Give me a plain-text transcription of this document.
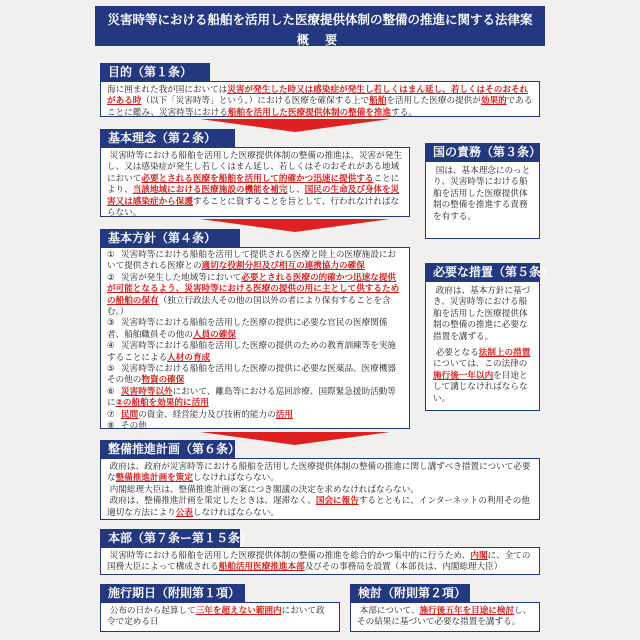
災害時等における船舶を活用した医療提供体制の整備の推進に関する法律案
概 要
目的（第１条）
海に囲まれた我が国においては災害が発生した時又は感染症が発生し若しくはまん延し、若しくはそのおそれがある時（以下「災害時等」という。）における医療を確保する上で船舶を活用した医療の提供が効果的であることに鑑み、災害時等における船舶を活用した医療提供体制の整備を推進する。
基本理念（第２条）
災害時等における船舶を活用した医療提供体制の整備の推進は、災害が発生し、又は感染症が発生し若しくはまん延し、若しくはそのおそれがある地域において必要とされる医療を船舶を活用して的確かつ迅速に提供することにより、当該地域における医療施設の機能を補完し、国民の生命及び身体を災害又は感染症から保護することに資することを旨として、行われなければならない。
国の責務（第３条）
国は、基本理念にのっとり、災害時等における船舶を活用した医療提供体制の整備を推進する責務を有する。
基本方針（第４条）
① 災害時等における船舶を活用して提供される医療と陸上の医療施設において提供される医療との適切な役割分担及び相互の連携協力の確保
② 災害が発生した地域等において必要とされる医療の的確かつ迅速な提供が可能となるよう、災害時等における医療の提供の用に主として供するための船舶の保有（独立行政法人その他の国以外の者により保有することを含む。）
③ 災害時等における船舶を活用した医療の提供に必要な官民の医療関係者、船舶職員その他の人員の確保
④ 災害時等における船舶を活用した医療の提供のための教育訓練等を実施することによる人材の育成
⑤ 災害時等における船舶を活用した医療の提供に必要な医薬品、医療機器その他の物資の確保
⑥ 災害時等以外において、離島等における巡回診療、国際緊急援助活動等に②の船舶を効果的に活用
⑦ 民間の資金、経営能力及び技術的能力の活用
⑧ その他
必要な措置（第５条）
政府は、基本方針に基づき、災害時等における船舶を活用した医療提供体制の整備の推進に必要な措置を講ずる。
必要となる法制上の措置については、この法律の施行後一年以内を目途として講じなければならない。
整備推進計画（第６条）
政府は、政府が災害時等における船舶を活用した医療提供体制の整備の推進に関し講ずべき措置について必要な整備推進計画を策定しなければならない。
内閣総理大臣は、整備推進計画の案につき閣議の決定を求めなければならない。
政府は、整備推進計画を策定したときは、遅滞なく、国会に報告するとともに、インターネットの利用その他適切な方法により公表しなければならない。
本部（第７条ー第１５条）
災害時等における船舶を活用した医療提供体制の整備の推進を総合的かつ集中的に行うため、内閣に、全ての国務大臣によって構成される船舶活用医療推進本部及びその事務局を設置（本部長は、内閣総理大臣）
施行期日（附則第１項）
公布の日から起算して三年を超えない範囲内において政令で定める日
検討（附則第２項）
本部について、施行後五年を目途に検討し、その結果に基づいて必要な措置を講ずる。
